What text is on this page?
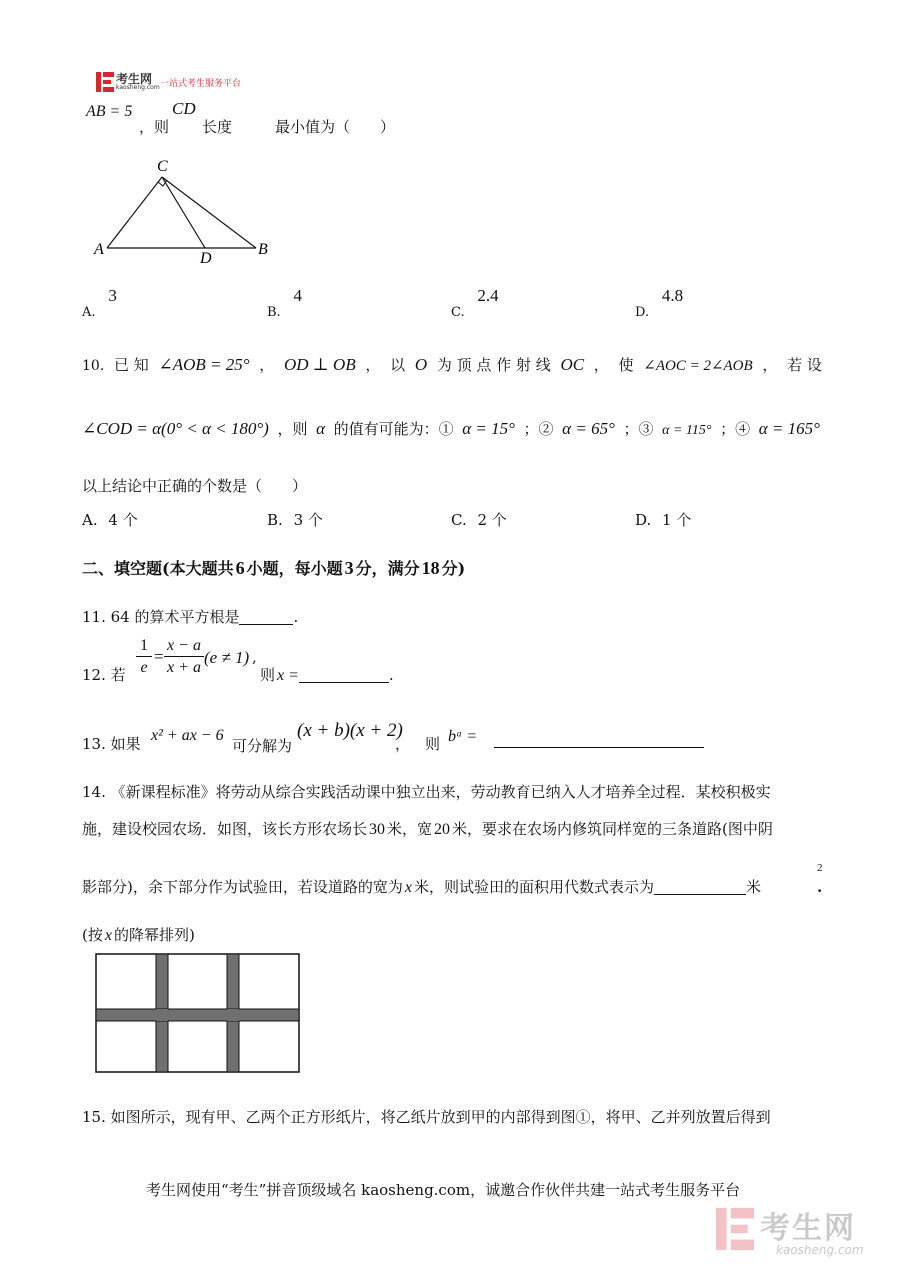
考生网
kaosheng.com 一站式考生服务平台
AB = 5
，则
CD
长度	最小值为（　　）
C
A
D
B
A. 3
B. 4
C. 2.4
D. 4.8
10. 已 知 ∠AOB = 25° ， OD ⊥ OB ， 以 O 为 顶 点 作 射 线 OC ， 使 ∠AOC = 2∠AOB ， 若 设
∠COD = α(0° < α < 180°) ，则 α 的值有可能为：① α = 15° ；② α = 65° ；③ α = 115° ；④ α = 165°
以上结论中正确的个数是（　　）
A. 4 个	B. 3 个	C. 2 个	D. 1 个
二、填空题(本大题共 6 小题，每小题 3 分，满分 18 分)
11. 64 的算术平方根是	.
12. 若 $\frac{1}{e} = \frac{x - a}{x + a} (e \ne 1)$ ,
则 x =	.
13. 如果 x² + ax − 6
可分解为
(x + b)(x + 2)
， 则 bᵃ =
14. 《新课程标准》将劳动从综合实践活动课中独立出来，劳动教育已纳入人才培养全过程．某校积极实
施，建设校园农场．如图，该长方形农场长 30 米，宽 20 米，要求在农场内修筑同样宽的三条道路(图中阴
影部分)，余下部分作为试验田，若设道路的宽为 x 米，则试验田的面积用代数式表示为	米
2
.
(按 x 的降幂排列)
15. 如图所示，现有甲、乙两个正方形纸片，将乙纸片放到甲的内部得到图①，将甲、乙并列放置后得到
考生网使用“考生”拼音顶级域名 kaosheng.com，诚邀合作伙伴共建一站式考生服务平台
考生网
kaosheng.com
